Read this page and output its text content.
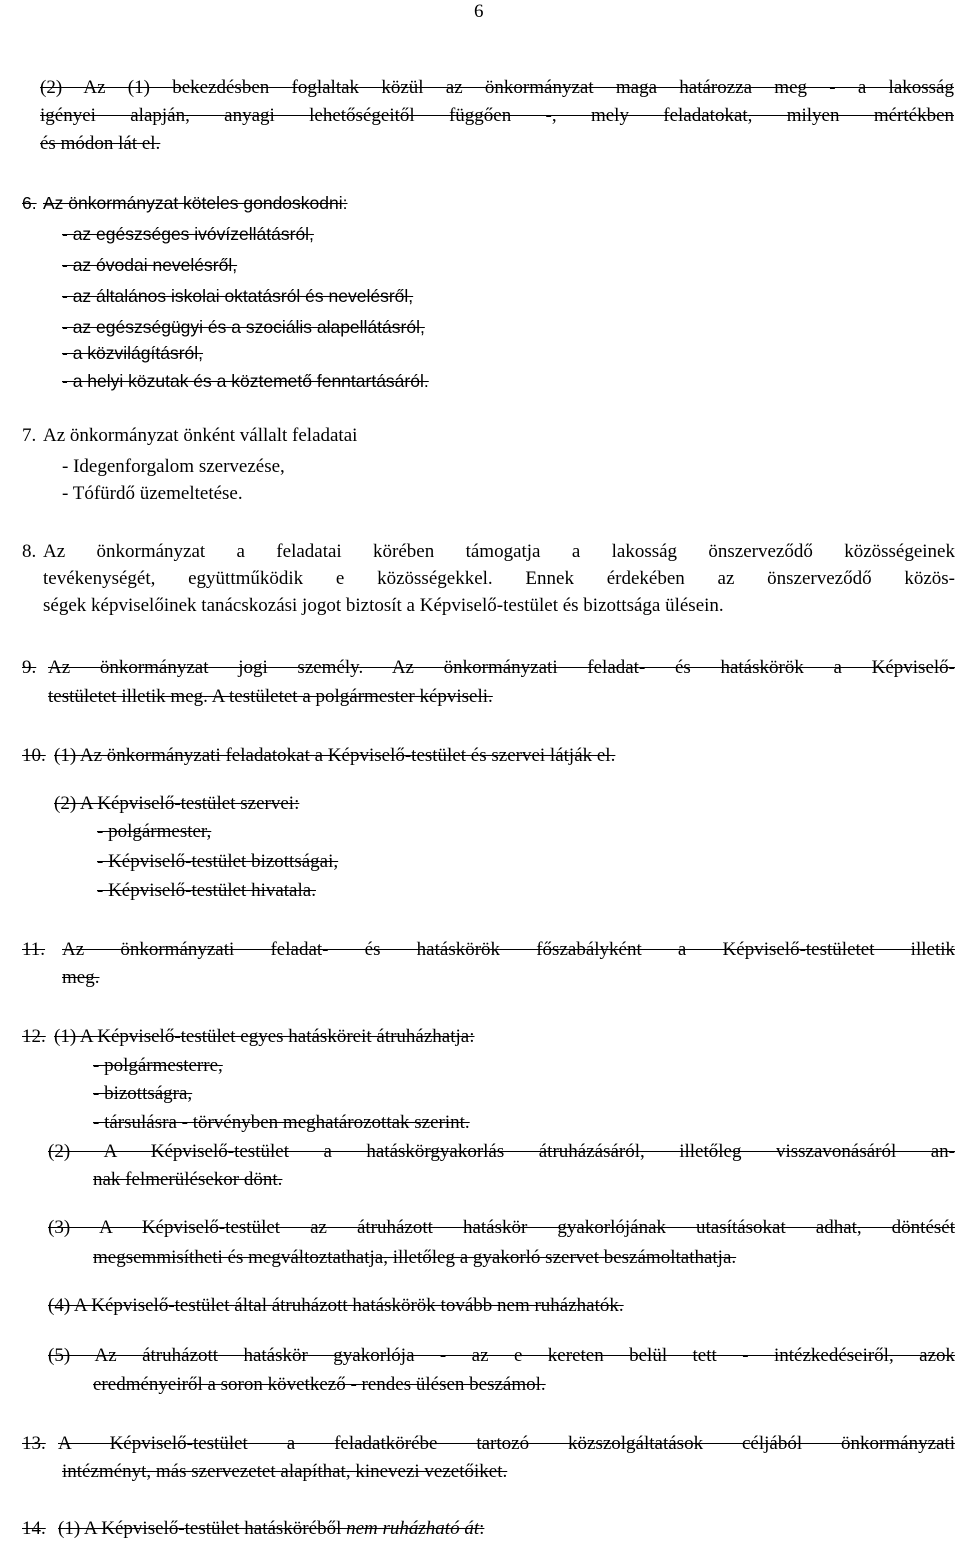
6
(2) Az (1) bekezdésben foglaltak közül az önkormányzat maga határozza meg - a lakosság
igényei alapján, anyagi lehetőségeitől függően -, mely feladatokat, milyen mértékben
és módon lát el.
6. Az önkormányzat köteles gondoskodni:
- az egészséges ivóvízellátásról,
- az óvodai nevelésről,
- az általános iskolai oktatásról és nevelésről,
- az egészségügyi és a szociális alapellátásról,
- a közvilágításról,
- a helyi közutak és a köztemető fenntartásáról.
7. Az önkormányzat önként vállalt feladatai
- Idegenforgalom szervezése,
- Tófürdő üzemeltetése.
8. Az önkormányzat a feladatai körében támogatja a lakosság önszerveződő közösségeinek
tevékenységét, együttműködik e közösségekkel. Ennek érdekében az önszerveződő közös-
ségek képviselőinek tanácskozási jogot biztosít a Képviselő-testület és bizottsága ülésein.
9. Az önkormányzat jogi személy. Az önkormányzati feladat- és hatáskörök a Képviselő-
testületet illetik meg. A testületet a polgármester képviseli.
10. (1) Az önkormányzati feladatokat a Képviselő-testület és szervei látják el.
(2) A Képviselő-testület szervei:
- polgármester,
- Képviselő-testület bizottságai,
- Képviselő-testület hivatala.
11. Az önkormányzati feladat- és hatáskörök főszabályként a Képviselő-testületet illetik
meg.
12. (1) A Képviselő-testület egyes hatásköreit átruházhatja:
- polgármesterre,
- bizottságra,
- társulásra - törvényben meghatározottak szerint.
(2) A Képviselő-testület a hatáskörgyakorlás átruházásáról, illetőleg visszavonásáról an-
nak felmerülésekor dönt.
(3) A Képviselő-testület az átruházott hatáskör gyakorlójának utasításokat adhat, döntését
megsemmisítheti és megváltoztathatja, illetőleg a gyakorló szervet beszámoltathatja.
(4) A Képviselő-testület által átruházott hatáskörök tovább nem ruházhatók.
(5) Az átruházott hatáskör gyakorlója - az e kereten belül tett - intézkedéseiről, azok
eredményeiről a soron következő - rendes ülésen beszámol.
13. A Képviselő-testület a feladatkörébe tartozó közszolgáltatások céljából önkormányzati
intézményt, más szervezetet alapíthat, kinevezi vezetőiket.
14. (1) A Képviselő-testület hatásköréből nem ruházható át:
